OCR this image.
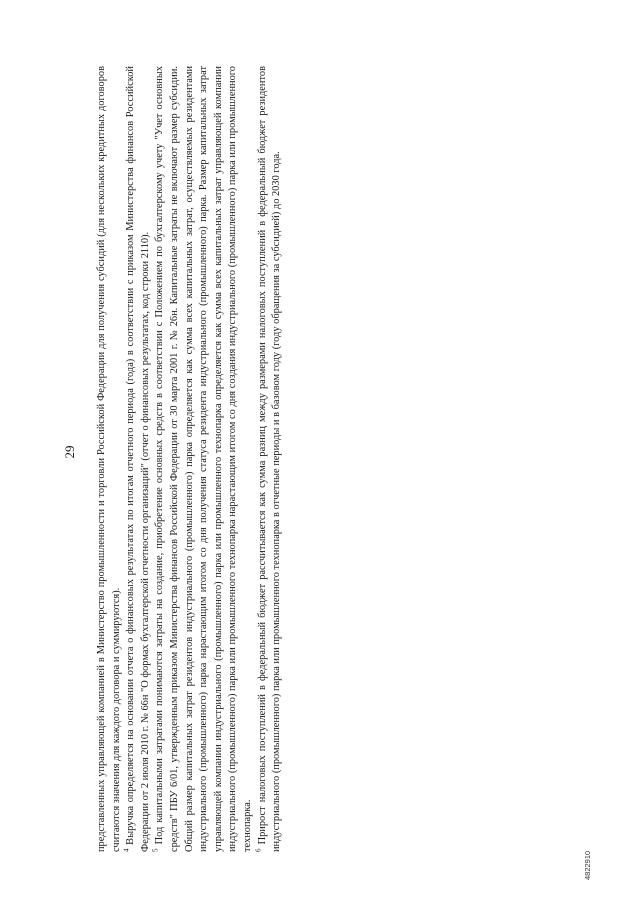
29 представленных управляющей компанией в Министерство промышленности и торговли Российской Федерации для получения субсидий (для нескольких кредитных договоров считаются значения для каждого договора и суммируются). $^4$ Выручка определяется на основании отчета о финансовых результатах по итогам отчетного периода (года) в соответствии с приказом Министерства финансов Российской Федерации от 2 июля 2010 г. № 66н "О формах бухгалтерской отчетности организаций" (отчет о финансовых результатах, код строки 2110). $^5$ Под капитальными затратами понимаются затраты на создание, приобретение основных средств в соответствии с Положением по бухгалтерскому учету "Учет основных средств" ПБУ 6/01, утвержденным приказом Министерства финансов Российской Федерации от 30 марта 2001 г. № 26н. Капитальные затраты не включают размер субсидии. Общий размер капитальных затрат резидентов индустриального (промышленного) парка определяется как сумма всех капитальных затрат, осуществляемых резидентами индустриального (промышленного) парка нарастающим итогом со дня получения статуса резидента индустриального (промышленного) парка. Размер капитальных затрат управляющей компании индустриального (промышленного) парка или промышленного технопарка определяется как сумма всех капитальных затрат управляющей компании индустриального (промышленного) парка или промышленного технопарка нарастающим итогом со дня создания индустриального (промышленного) парка или промышленного технопарка. $^6$ Прирост налоговых поступлений в федеральный бюджет рассчитывается как сумма разниц между размерами налоговых поступлений в федеральный бюджет резидентов индустриального (промышленного) парка или промышленного технопарка в отчетные периоды и в базовом году (году обращения за субсидией) до 2030 года.

4822910
